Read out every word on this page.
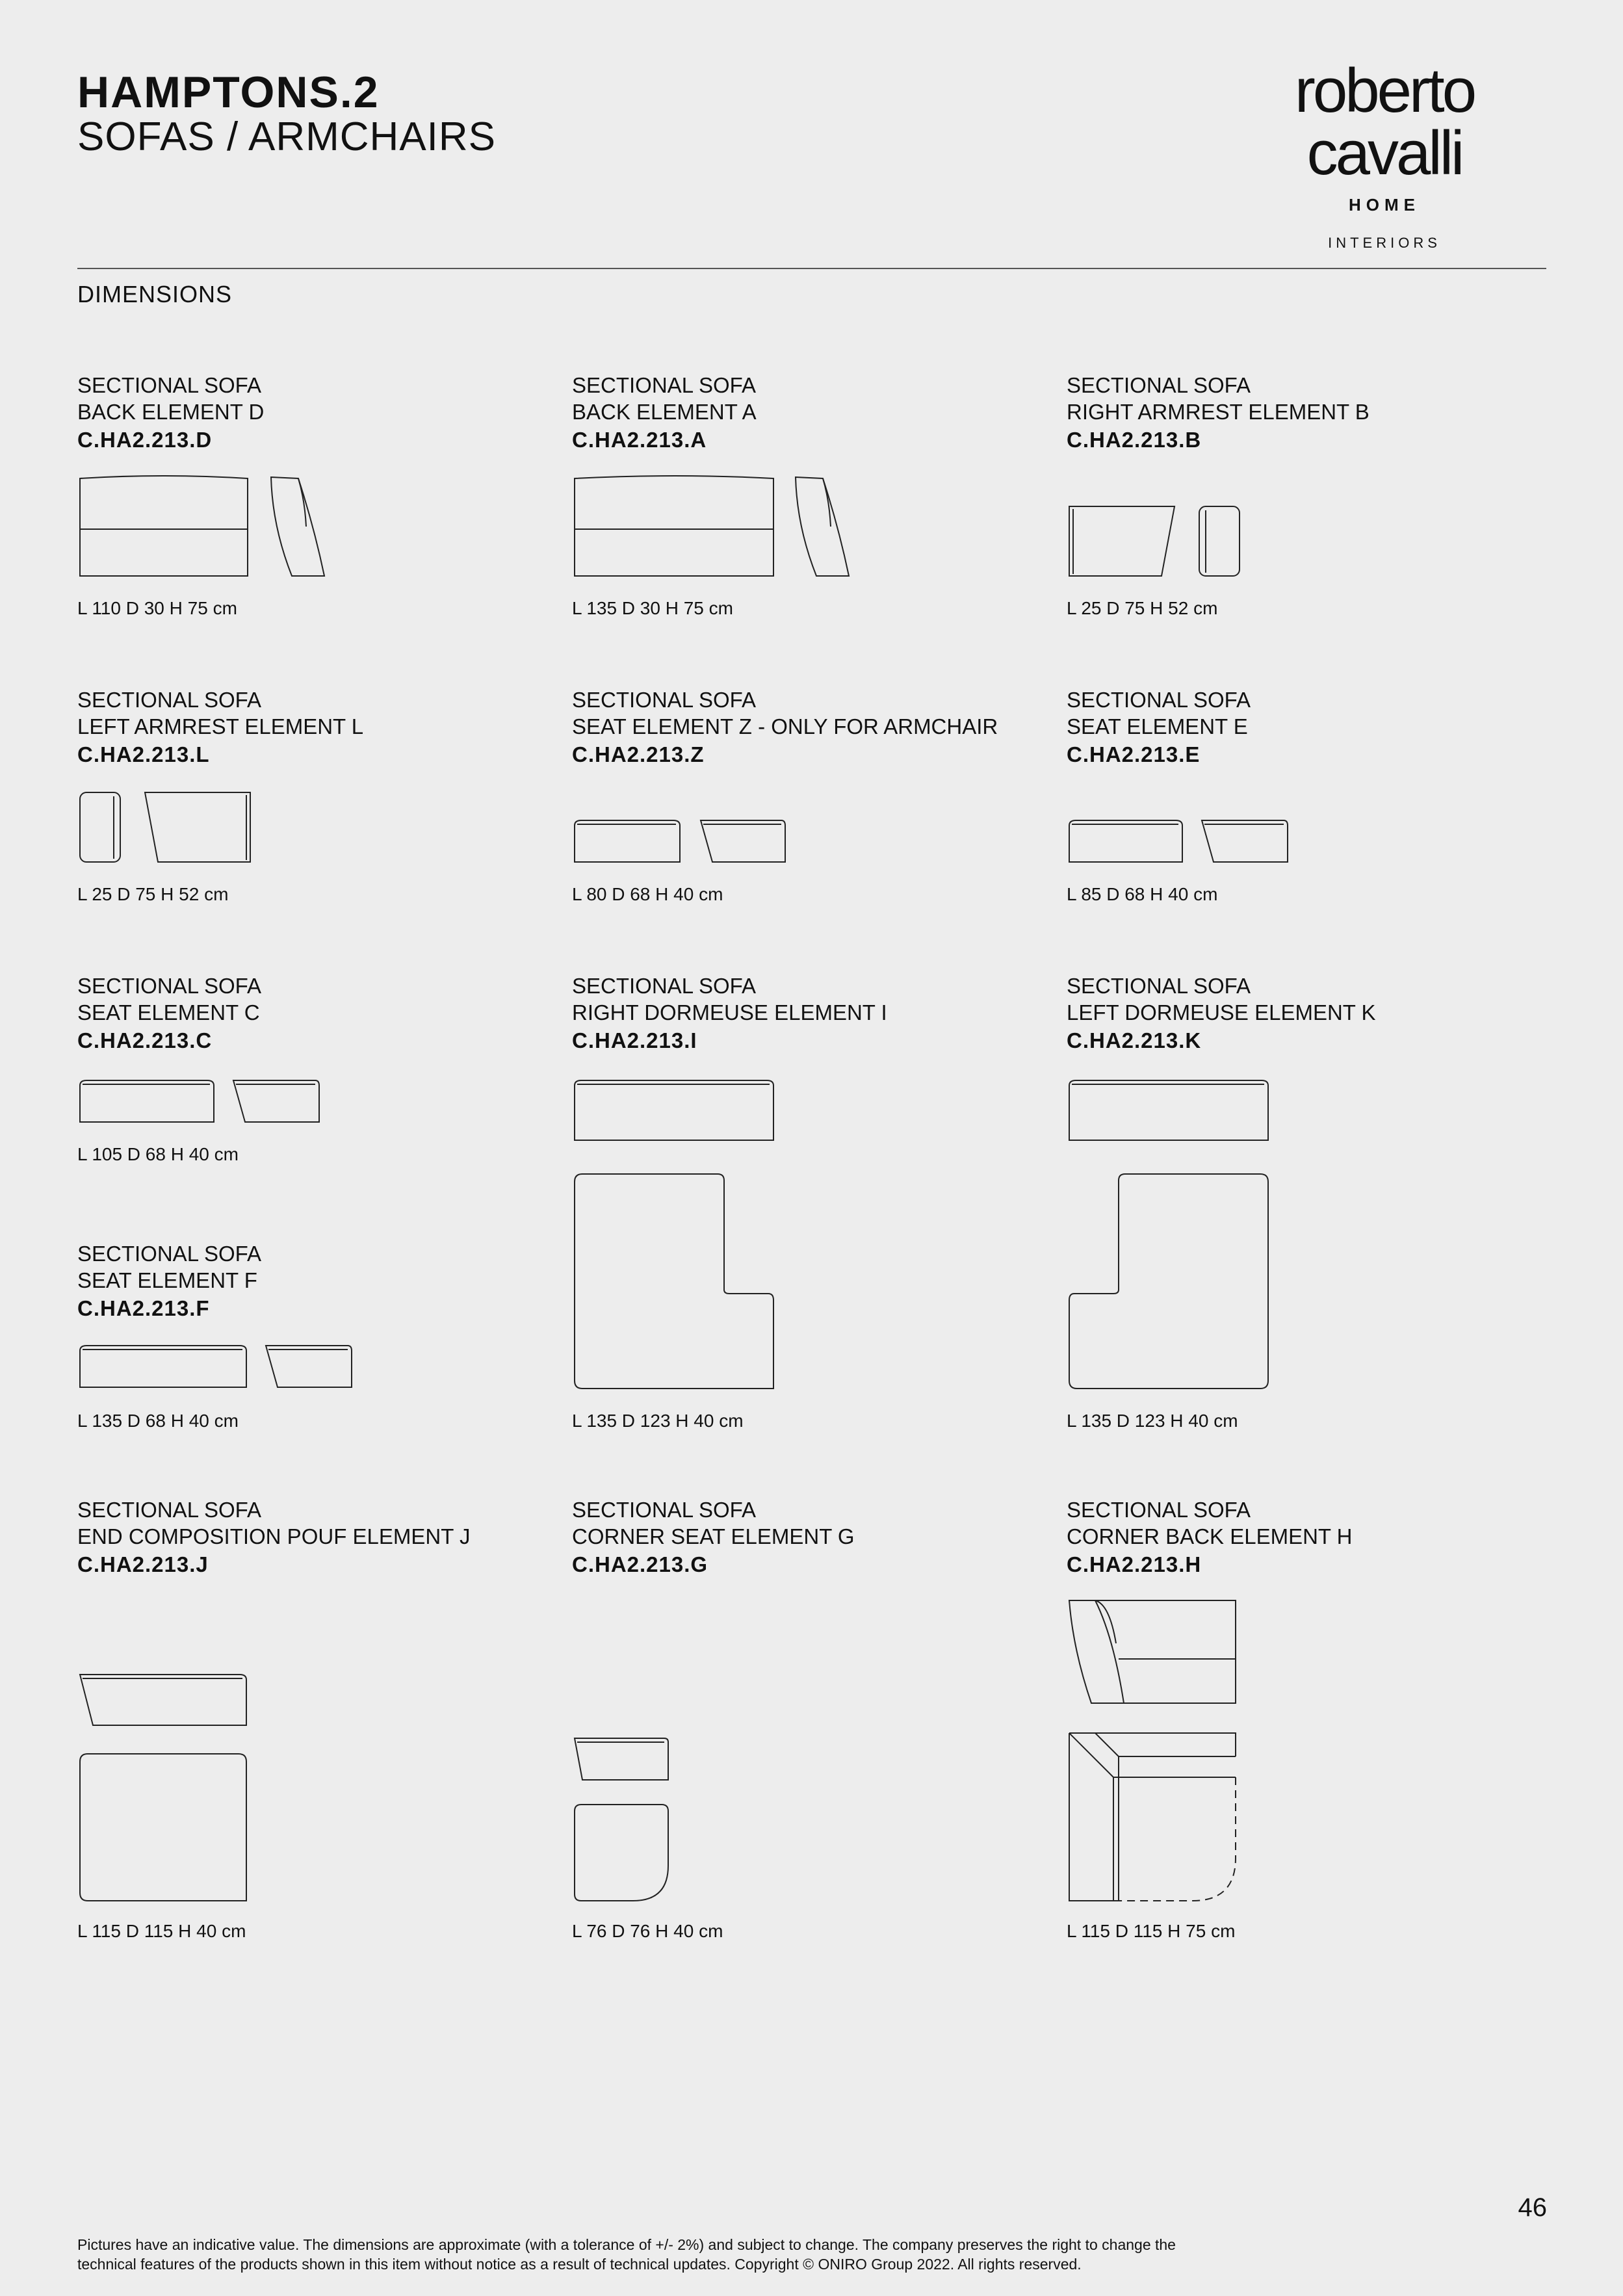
HAMPTONS.2
SOFAS / ARMCHAIRS
roberto cavalli
HOME
INTERIORS
DIMENSIONS
SECTIONAL SOFA
BACK ELEMENT D
C.HA2.213.D
L 110 D 30 H 75 cm
SECTIONAL SOFA
BACK ELEMENT A
C.HA2.213.A
L 135 D 30 H 75 cm
SECTIONAL SOFA
RIGHT ARMREST ELEMENT B
C.HA2.213.B
L 25 D 75 H 52 cm
SECTIONAL SOFA
LEFT ARMREST ELEMENT L
C.HA2.213.L
L 25 D 75 H 52 cm
SECTIONAL SOFA
SEAT ELEMENT Z - ONLY FOR ARMCHAIR
C.HA2.213.Z
L 80 D 68 H 40 cm
SECTIONAL SOFA
SEAT ELEMENT E
C.HA2.213.E
L 85 D 68 H 40 cm
SECTIONAL SOFA
SEAT ELEMENT C
C.HA2.213.C
L 105 D 68 H 40 cm
SECTIONAL SOFA
RIGHT DORMEUSE ELEMENT I
C.HA2.213.I
L 135 D 123 H 40 cm
SECTIONAL SOFA
LEFT DORMEUSE ELEMENT K
C.HA2.213.K
L 135 D 123 H 40 cm
SECTIONAL SOFA
SEAT ELEMENT F
C.HA2.213.F
L 135 D 68 H 40 cm
SECTIONAL SOFA
END COMPOSITION POUF ELEMENT J
C.HA2.213.J
L 115 D 115 H 40 cm
SECTIONAL SOFA
CORNER SEAT ELEMENT G
C.HA2.213.G
L 76 D 76 H 40 cm
SECTIONAL SOFA
CORNER BACK ELEMENT H
C.HA2.213.H
L 115 D 115 H 75 cm
46
Pictures have an indicative value. The dimensions are approximate (with a tolerance of +/- 2%) and subject to change. The company preserves the right to change the
technical features of the products shown in this item without notice as a result of technical updates. Copyright © ONIRO Group 2022. All rights reserved.
